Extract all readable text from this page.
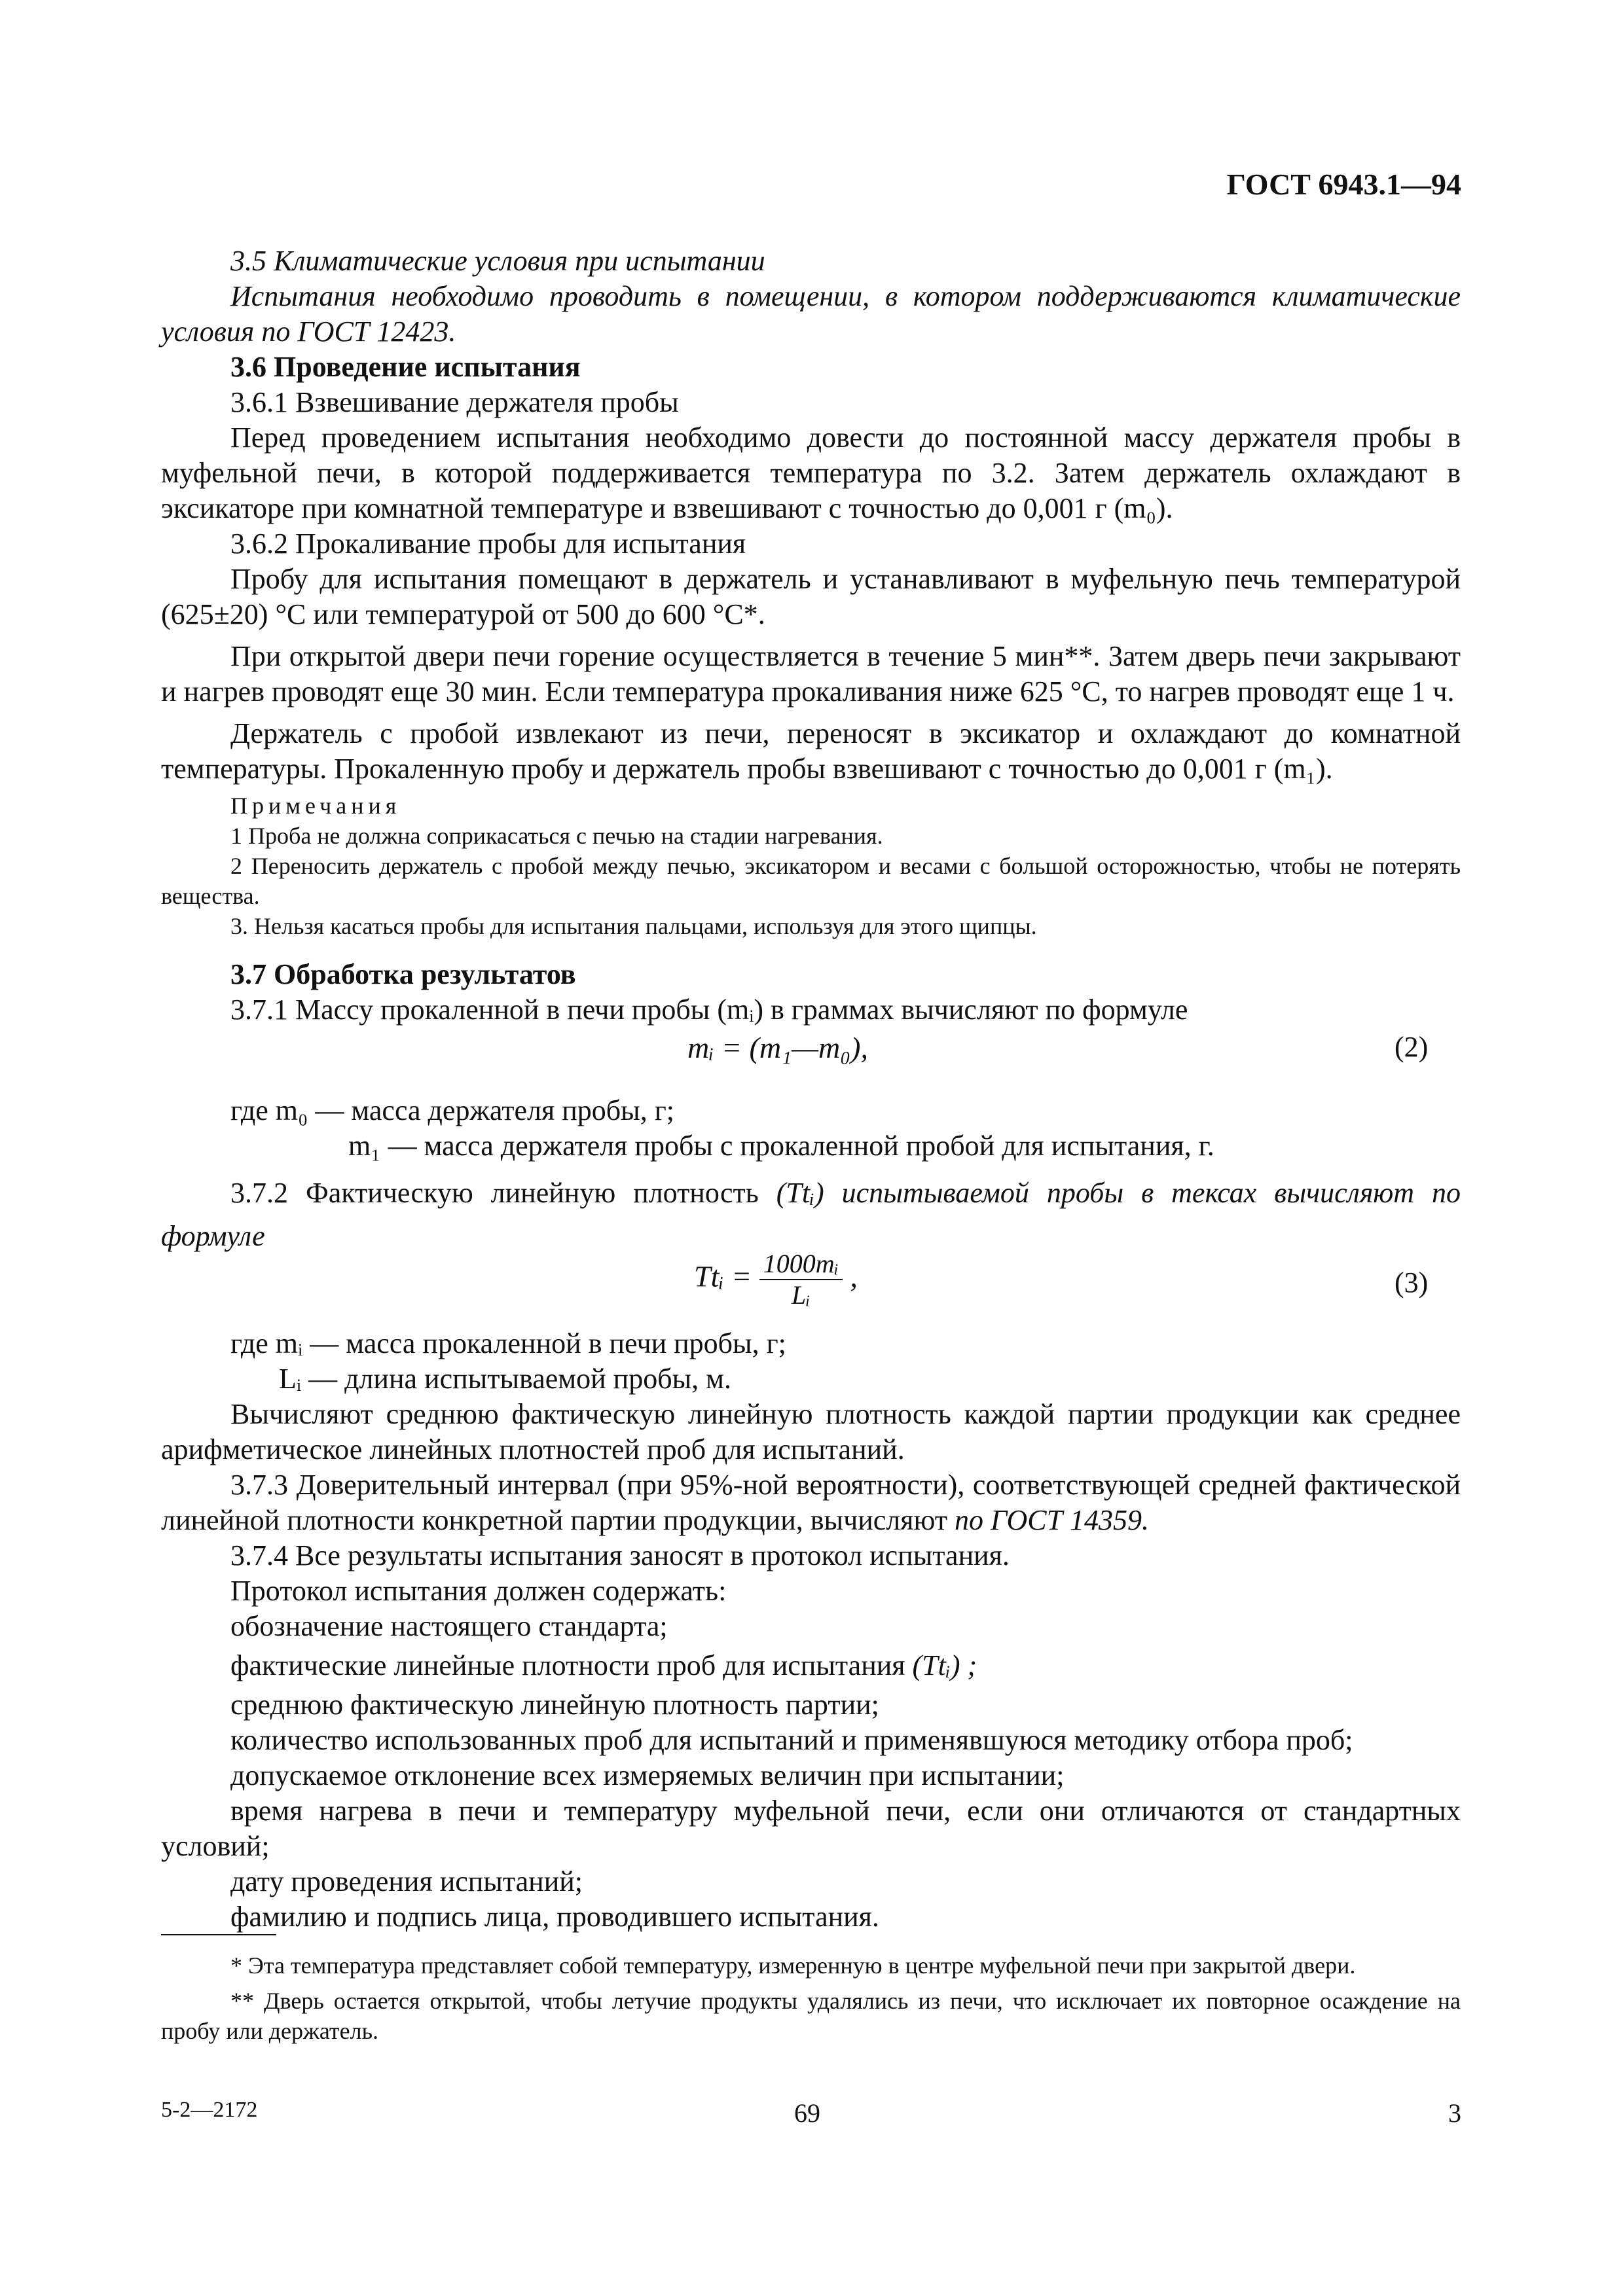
ГОСТ 6943.1—94

3.5 Климатические условия при испытании

Испытания необходимо проводить в помещении, в котором поддерживаются климатические условия по ГОСТ 12423.

3.6 Проведение испытания

3.6.1 Взвешивание держателя пробы

Перед проведением испытания необходимо довести до постоянной массу держателя пробы в муфельной печи, в которой поддерживается температура по 3.2. Затем держатель охлаждают в эксикаторе при комнатной температуре и взвешивают с точностью до 0,001 г (m₀).

3.6.2 Прокаливание пробы для испытания

Пробу для испытания помещают в держатель и устанавливают в муфельную печь температурой (625±20) °С или температурой от 500 до 600 °С*.

При открытой двери печи горение осуществляется в течение 5 мин**. Затем дверь печи закрывают и нагрев проводят еще 30 мин. Если температура прокаливания ниже 625 °С, то нагрев проводят еще 1 ч.

Держатель с пробой извлекают из печи, переносят в эксикатор и охлаждают до комнатной температуры. Прокаленную пробу и держатель пробы взвешивают с точностью до 0,001 г (m₁).

Примечания

1 Проба не должна соприкасаться с печью на стадии нагревания.

2 Переносить держатель с пробой между печью, эксикатором и весами с большой осторожностью, чтобы не потерять вещества.

3. Нельзя касаться пробы для испытания пальцами, используя для этого щипцы.

3.7 Обработка результатов

3.7.1 Массу прокаленной в печи пробы (mᵢ) в граммах вычисляют по формуле

mᵢ = (m₁—m₀),	(2)

где m₀ — масса держателя пробы, г;

m₁ — масса держателя пробы с прокаленной пробой для испытания, г.

3.7.2 Фактическую линейную плотность (Ttᵢ) испытываемой пробы в тексах вычисляют по формуле

Ttᵢ = $\frac{\text{1000mᵢ}}{\text{Lᵢ}}$ ,	(3)

где mᵢ — масса прокаленной в печи пробы, г;

Lᵢ — длина испытываемой пробы, м.

Вычисляют среднюю фактическую линейную плотность каждой партии продукции как среднее арифметическое линейных плотностей проб для испытаний.

3.7.3 Доверительный интервал (при 95%-ной вероятности), соответствующей средней фактической линейной плотности конкретной партии продукции, вычисляют по ГОСТ 14359.

3.7.4 Все результаты испытания заносят в протокол испытания.

Протокол испытания должен содержать:

обозначение настоящего стандарта;

фактические линейные плотности проб для испытания (Ttᵢ) ;

среднюю фактическую линейную плотность партии;

количество использованных проб для испытаний и применявшуюся методику отбора проб;

допускаемое отклонение всех измеряемых величин при испытании;

время нагрева в печи и температуру муфельной печи, если они отличаются от стандартных условий;

дату проведения испытаний;

фамилию и подпись лица, проводившего испытания.

* Эта температура представляет собой температуру, измеренную в центре муфельной печи при закрытой двери.

** Дверь остается открытой, чтобы летучие продукты удалялись из печи, что исключает их повторное осаждение на пробу или держатель.

5-2—2172	69	3
